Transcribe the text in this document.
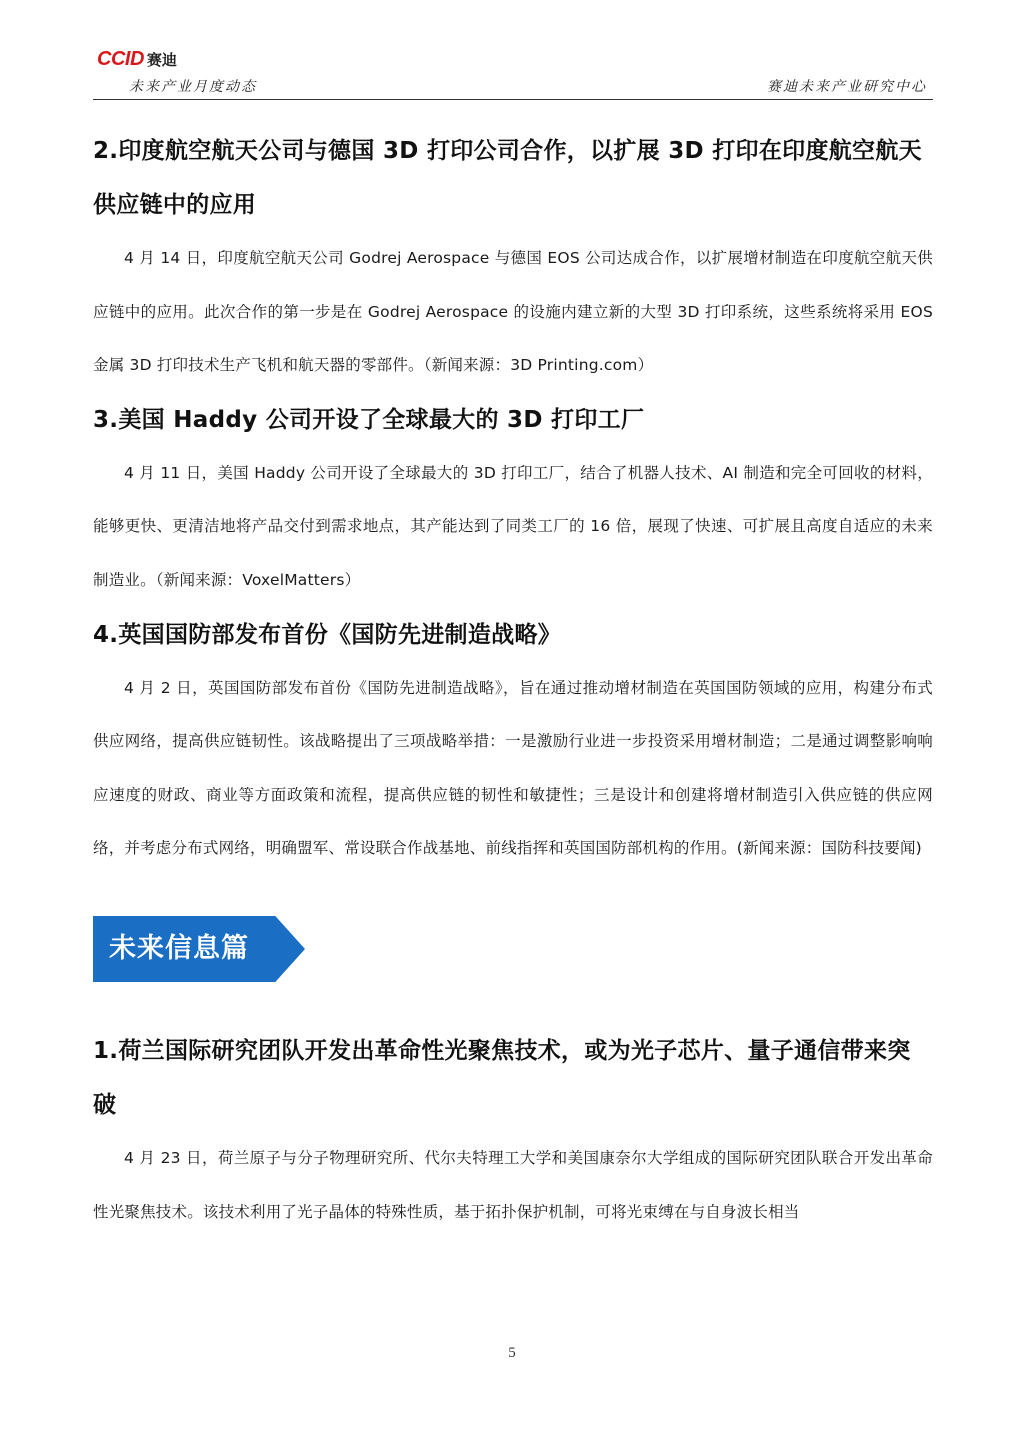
CCID 赛迪
未来产业月度动态	赛迪未来产业研究中心
2.印度航空航天公司与德国 3D 打印公司合作，以扩展 3D 打印在印度航空航天供应链中的应用

4 月 14 日，印度航空航天公司 Godrej Aerospace 与德国 EOS 公司达成合作，以扩展增材制造在印度航空航天供应链中的应用。此次合作的第一步是在 Godrej Aerospace 的设施内建立新的大型 3D 打印系统，这些系统将采用 EOS 金属 3D 打印技术生产飞机和航天器的零部件。（新闻来源：3D Printing.com）

3.美国 Haddy 公司开设了全球最大的 3D 打印工厂

4 月 11 日，美国 Haddy 公司开设了全球最大的 3D 打印工厂，结合了机器人技术、AI 制造和完全可回收的材料，能够更快、更清洁地将产品交付到需求地点，其产能达到了同类工厂的 16 倍，展现了快速、可扩展且高度自适应的未来制造业。（新闻来源：VoxelMatters）

4.英国国防部发布首份《国防先进制造战略》

4 月 2 日，英国国防部发布首份《国防先进制造战略》，旨在通过推动增材制造在英国国防领域的应用，构建分布式供应网络，提高供应链韧性。该战略提出了三项战略举措：一是激励行业进一步投资采用增材制造；二是通过调整影响响应速度的财政、商业等方面政策和流程，提高供应链的韧性和敏捷性；三是设计和创建将增材制造引入供应链的供应网络，并考虑分布式网络，明确盟军、常设联合作战基地、前线指挥和英国国防部机构的作用。(新闻来源：国防科技要闻)

未来信息篇
1.荷兰国际研究团队开发出革命性光聚焦技术，或为光子芯片、量子通信带来突破

4 月 23 日，荷兰原子与分子物理研究所、代尔夫特理工大学和美国康奈尔大学组成的国际研究团队联合开发出革命性光聚焦技术。该技术利用了光子晶体的特殊性质，基于拓扑保护机制，可将光束缚在与自身波长相当

5
